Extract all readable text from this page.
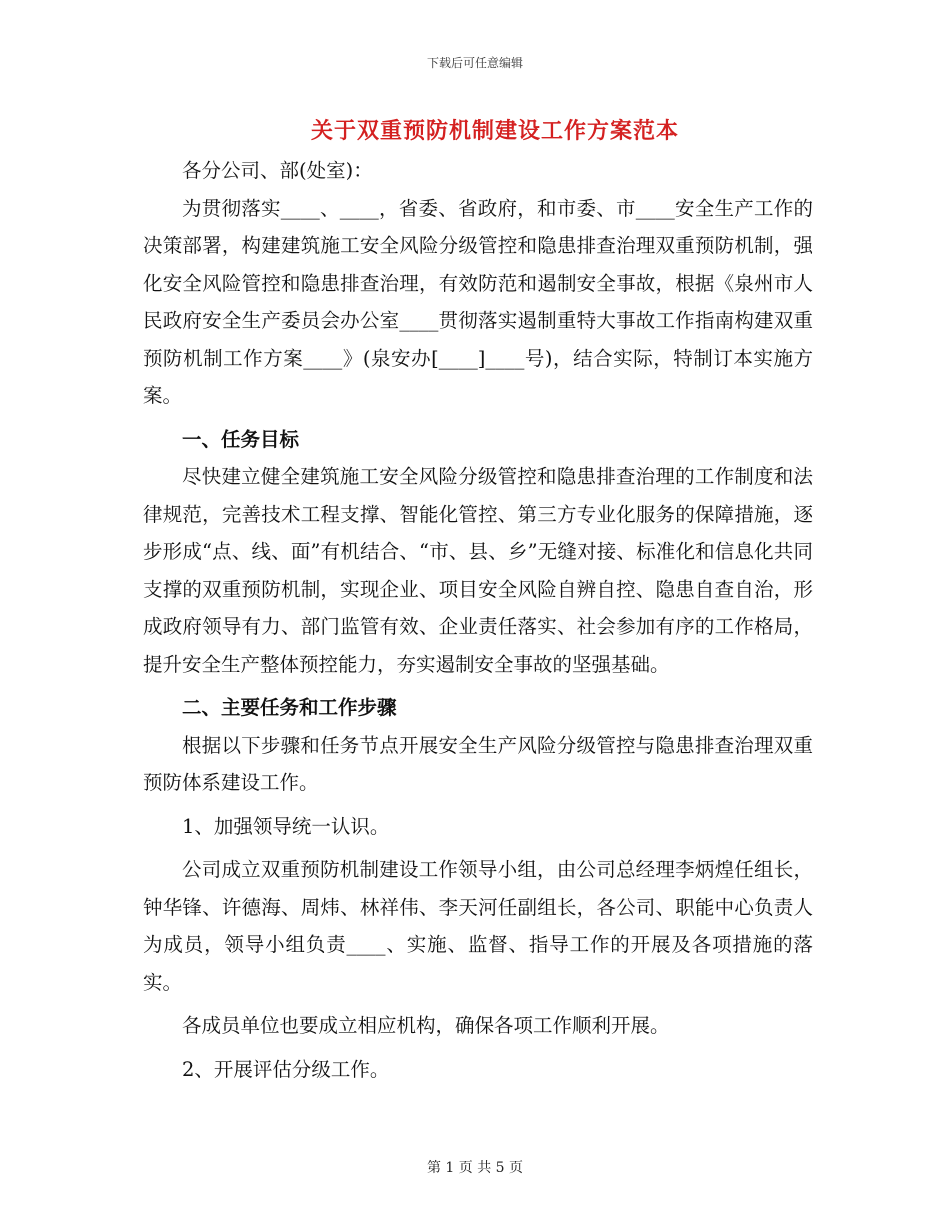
下载后可任意编辑
关于双重预防机制建设工作方案范本

各分公司、部(处室)：

为贯彻落实____、____，省委、省政府，和市委、市____安全生产工作的决策部署，构建建筑施工安全风险分级管控和隐患排查治理双重预防机制，强化安全风险管控和隐患排查治理，有效防范和遏制安全事故，根据《泉州市人民政府安全生产委员会办公室____贯彻落实遏制重特大事故工作指南构建双重预防机制工作方案____》(泉安办[____]____号)，结合实际，特制订本实施方案。

一、任务目标

尽快建立健全建筑施工安全风险分级管控和隐患排查治理的工作制度和法律规范，完善技术工程支撑、智能化管控、第三方专业化服务的保障措施，逐步形成“点、线、面”有机结合、“市、县、乡”无缝对接、标准化和信息化共同支撑的双重预防机制，实现企业、项目安全风险自辨自控、隐患自查自治，形成政府领导有力、部门监管有效、企业责任落实、社会参加有序的工作格局，提升安全生产整体预控能力，夯实遏制安全事故的坚强基础。

二、主要任务和工作步骤

根据以下步骤和任务节点开展安全生产风险分级管控与隐患排查治理双重预防体系建设工作。

1、加强领导统一认识。

公司成立双重预防机制建设工作领导小组，由公司总经理李炳煌任组长，钟华锋、许德海、周炜、林祥伟、李天河任副组长，各公司、职能中心负责人为成员，领导小组负责____、实施、监督、指导工作的开展及各项措施的落实。

各成员单位也要成立相应机构，确保各项工作顺利开展。

2、开展评估分级工作。

第 1 页 共 5 页
